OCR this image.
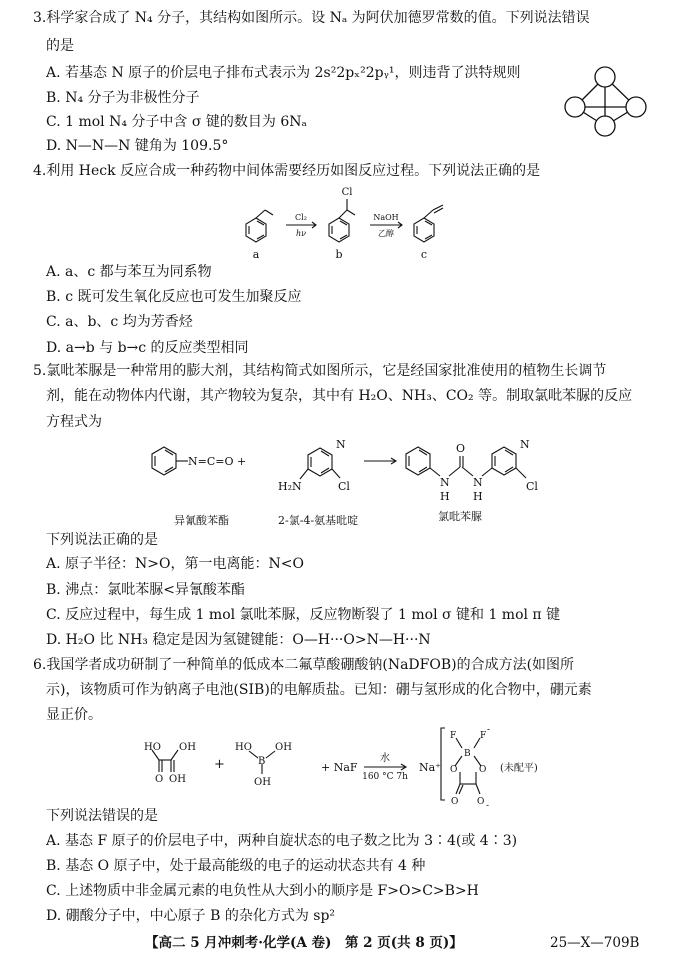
3.科学家合成了 N₄ 分子，其结构如图所示。设 Nₐ 为阿伏加德罗常数的值。下列说法错误
的是
A. 若基态 N 原子的价层电子排布式表示为 2s²2pₓ²2pᵧ¹，则违背了洪特规则
B. N₄ 分子为非极性分子
C. 1 mol N₄ 分子中含 σ 键的数目为 6Nₐ
D. N—N—N 键角为 109.5°
4.利用 Heck 反应合成一种药物中间体需要经历如图反应过程。下列说法正确的是
Cl
Cl₂
hν
NaOH
乙醇
a	b	c
A. a、c 都与苯互为同系物
B. c 既可发生氧化反应也可发生加聚反应
C. a、b、c 均为芳香烃
D. a→b 与 b→c 的反应类型相同
5.氯吡苯脲是一种常用的膨大剂，其结构简式如图所示，它是经国家批准使用的植物生长调节
剂，能在动物体内代谢，其产物较为复杂，其中有 H₂O、NH₃、CO₂ 等。制取氯吡苯脲的反应
方程式为
N=C=O +
N
H₂N	Cl
O
N N
H H
N
Cl
异氰酸苯酯	2-氯-4-氨基吡啶	氯吡苯脲
下列说法正确的是
A. 原子半径：N>O，第一电离能：N<O
B. 沸点：氯吡苯脲<异氰酸苯酯
C. 反应过程中，每生成 1 mol 氯吡苯脲，反应物断裂了 1 mol σ 键和 1 mol π 键
D. H₂O 比 NH₃ 稳定是因为氢键键能：O—H···O>N—H···N
6.我国学者成功研制了一种简单的低成本二氟草酸硼酸钠(NaDFOB)的合成方法(如图所
示)，该物质可作为钠离子电池(SIB)的电解质盐。已知：硼与氢形成的化合物中，硼元素
显正价。
HO OH
O OH
+
HO
B
OH
OH
+ NaF
水
160 °C 7h
Na⁺
F	F
B
O O
O O
-
-
(未配平)
下列说法错误的是
A. 基态 F 原子的价层电子中，两种自旋状态的电子数之比为 3∶4(或 4∶3)
B. 基态 O 原子中，处于最高能级的电子的运动状态共有 4 种
C. 上述物质中非金属元素的电负性从大到小的顺序是 F>O>C>B>H
D. 硼酸分子中，中心原子 B 的杂化方式为 sp²
【高二 5 月冲刺考·化学(A 卷)　第 2 页(共 8 页)】	25—X—709B
